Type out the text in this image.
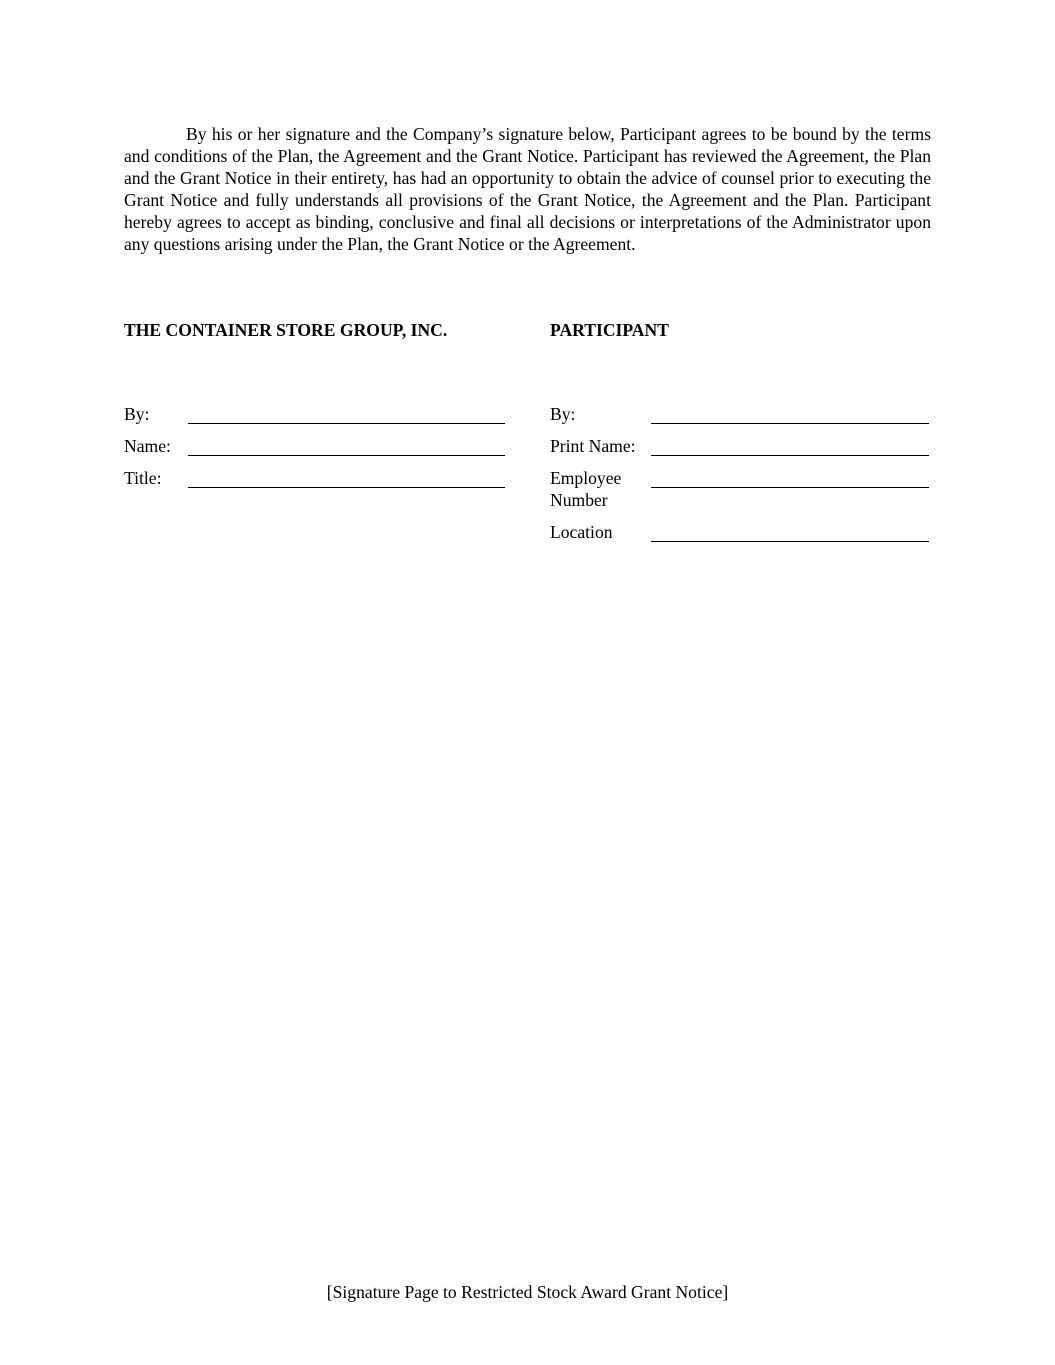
By his or her signature and the Company’s signature below, Participant agrees to be bound by the terms and conditions of the Plan, the Agreement and the Grant Notice. Participant has reviewed the Agreement, the Plan and the Grant Notice in their entirety, has had an opportunity to obtain the advice of counsel prior to executing the Grant Notice and fully understands all provisions of the Grant Notice, the Agreement and the Plan. Participant hereby agrees to accept as binding, conclusive and final all decisions or interpretations of the Administrator upon any questions arising under the Plan, the Grant Notice or the Agreement.

THE CONTAINER STORE GROUP, INC.	PARTICIPANT

By:
Name:
Title:
By:
Print Name:
Employee
Number
Location

[Signature Page to Restricted Stock Award Grant Notice]
